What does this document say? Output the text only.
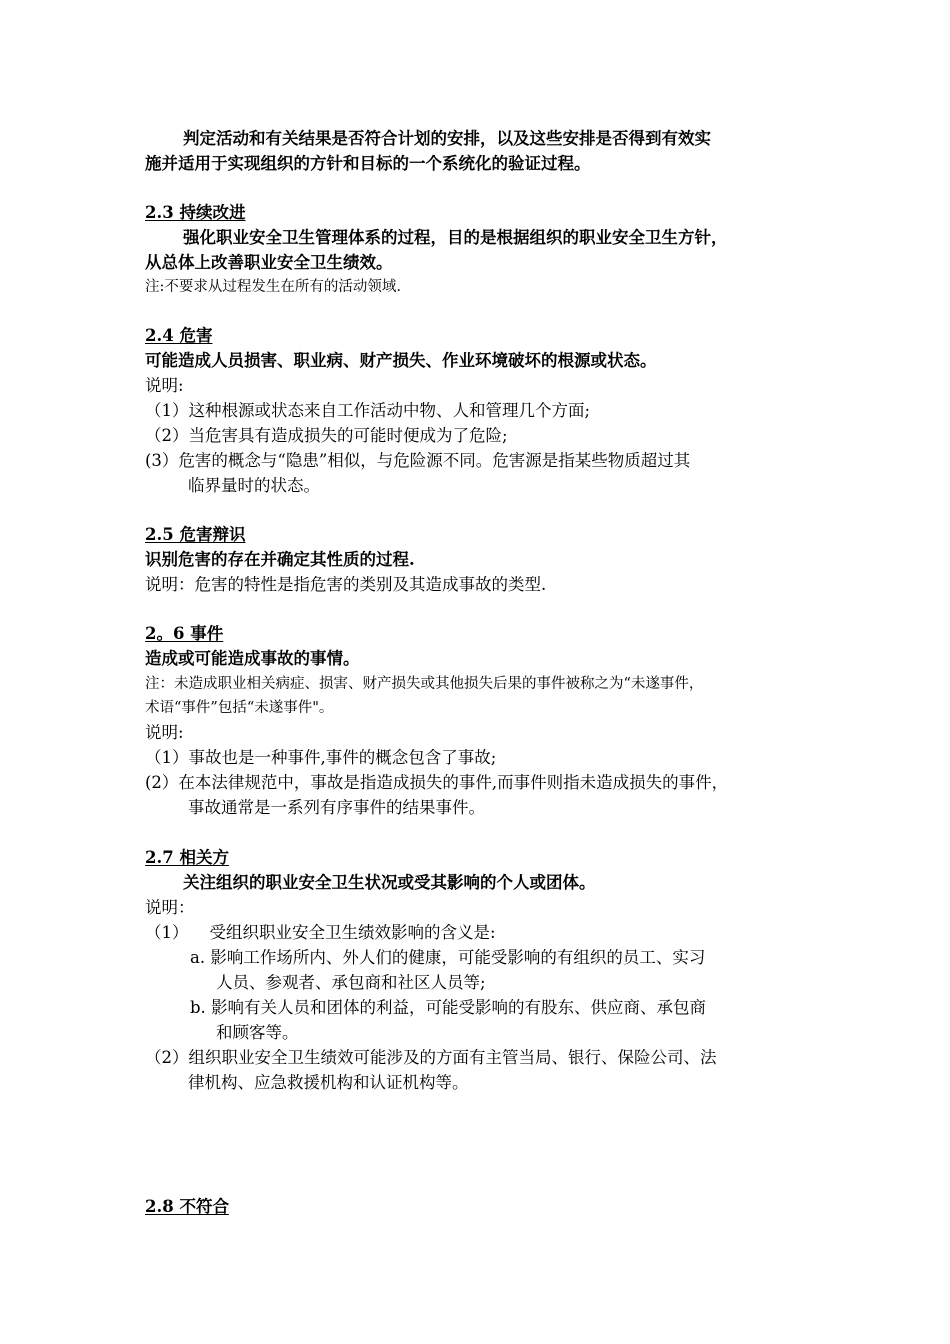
判定活动和有关结果是否符合计划的安排，以及这些安排是否得到有效实
施并适用于实现组织的方针和目标的一个系统化的验证过程。
2.3 持续改进
强化职业安全卫生管理体系的过程，目的是根据组织的职业安全卫生方针，
从总体上改善职业安全卫生绩效。
注:不要求从过程发生在所有的活动领域.
2.4 危害
可能造成人员损害、职业病、财产损失、作业环境破坏的根源或状态。
说明:
（1）这种根源或状态来自工作活动中物、人和管理几个方面;
（2）当危害具有造成损失的可能时便成为了危险;
(3）危害的概念与“隐患”相似，与危险源不同。危害源是指某些物质超过其
临界量时的状态。
2.5 危害辩识
识别危害的存在并确定其性质的过程.
说明：危害的特性是指危害的类别及其造成事故的类型.
2。6 事件
造成或可能造成事故的事情。
注：未造成职业相关病症、损害、财产损失或其他损失后果的事件被称之为“未遂事件，
术语“事件”包括“未遂事件"。
说明:
（1）事故也是一种事件,事件的概念包含了事故;
(2）在本法律规范中，事故是指造成损失的事件,而事件则指未造成损失的事件，
事故通常是一系列有序事件的结果事件。
2.7 相关方
关注组织的职业安全卫生状况或受其影响的个人或团体。
说明：
（1）    受组织职业安全卫生绩效影响的含义是:
a. 影响工作场所内、外人们的健康，可能受影响的有组织的员工、实习
人员、参观者、承包商和社区人员等;
b. 影响有关人员和团体的利益，可能受影响的有股东、供应商、承包商
和顾客等。
（2）组织职业安全卫生绩效可能涉及的方面有主管当局、银行、保险公司、法
律机构、应急救援机构和认证机构等。
2.8 不符合
